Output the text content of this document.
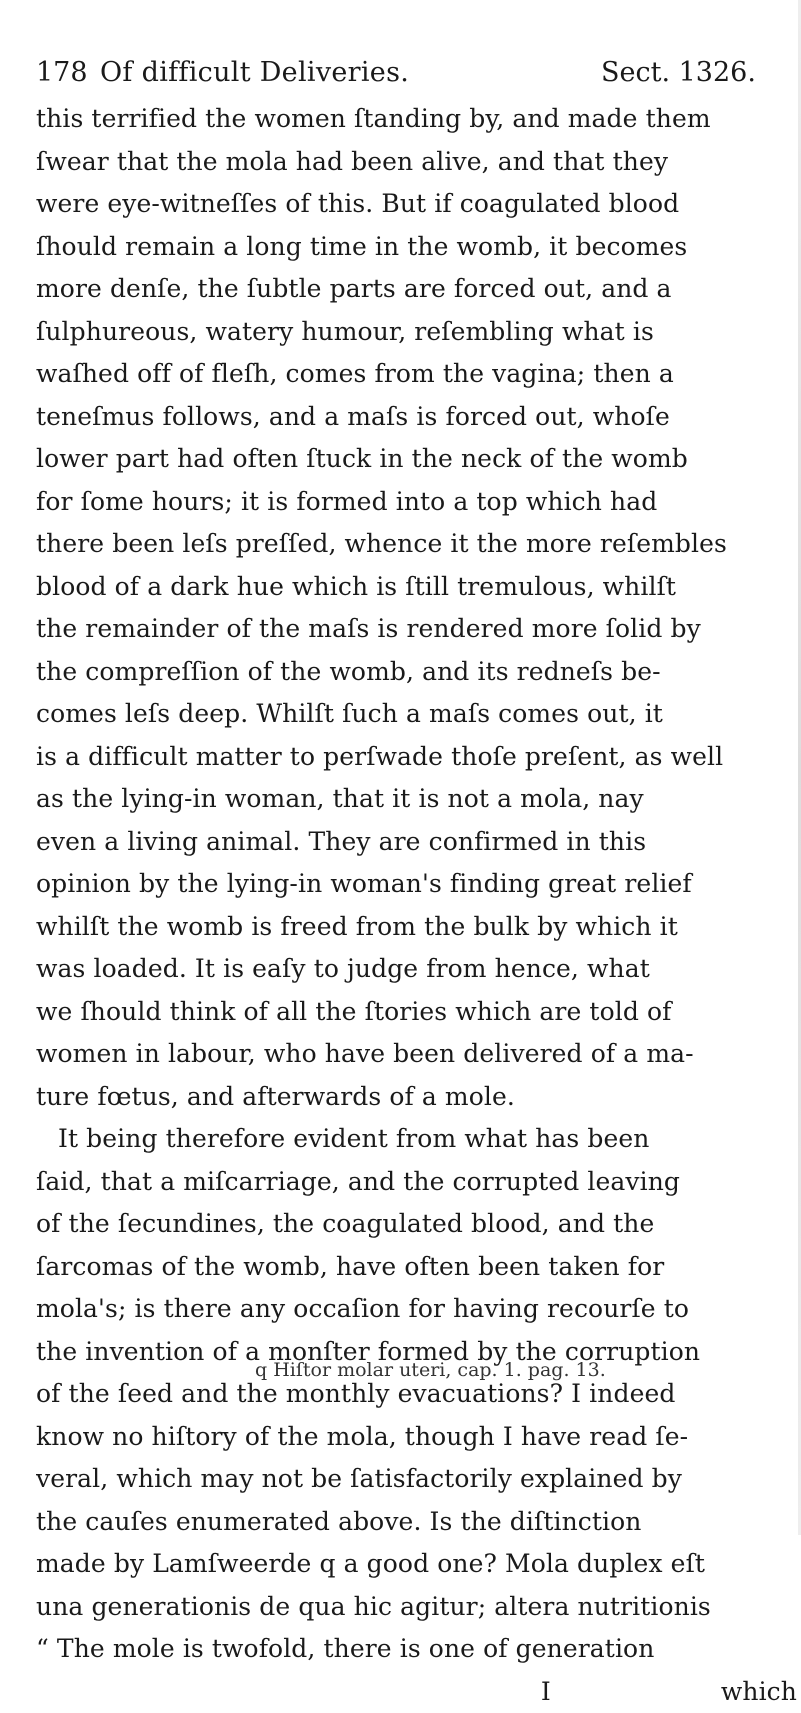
178 Of difficult Deliveries.	Sect. 1326.
this terrified the women ſtanding by, and made them
ſwear that the mola had been alive, and that they
were eye-witneſſes of this. But if coagulated blood
ſhould remain a long time in the womb, it becomes
more denſe, the ſubtle parts are forced out, and a
ſulphureous, watery humour, reſembling what is
waſhed off of fleſh, comes from the vagina; then a
teneſmus follows, and a maſs is forced out, whoſe
lower part had often ſtuck in the neck of the womb
for ſome hours; it is formed into a top which had
there been leſs preſſed, whence it the more reſembles
blood of a dark hue which is ſtill tremulous, whilſt
the remainder of the maſs is rendered more ſolid by
the compreſſion of the womb, and its redneſs be-
comes leſs deep. Whilſt ſuch a maſs comes out, it
is a difficult matter to perſwade thoſe preſent, as well
as the lying-in woman, that it is not a mola, nay
even a living animal. They are confirmed in this
opinion by the lying-in woman's finding great relief
whilſt the womb is freed from the bulk by which it
was loaded. It is eaſy to judge from hence, what
we ſhould think of all the ſtories which are told of
women in labour, who have been delivered of a ma-
ture fœtus, and afterwards of a mole.
It being therefore evident from what has been
ſaid, that a miſcarriage, and the corrupted leaving
of the ſecundines, the coagulated blood, and the
ſarcomas of the womb, have often been taken for
mola's; is there any occaſion for having recourſe to
the invention of a monſter formed by the corruption
of the ſeed and the monthly evacuations? I indeed
know no hiſtory of the mola, though I have read ſe-
veral, which may not be ſatisfactorily explained by
the cauſes enumerated above. Is the diſtinction
made by Lamſweerde q a good one? Mola duplex eſt
una generationis de qua hic agitur; altera nutritionis
“ The mole is twofold, there is one of generation
I	which
q Hiſtor molar uteri, cap. 1. pag. 13.
